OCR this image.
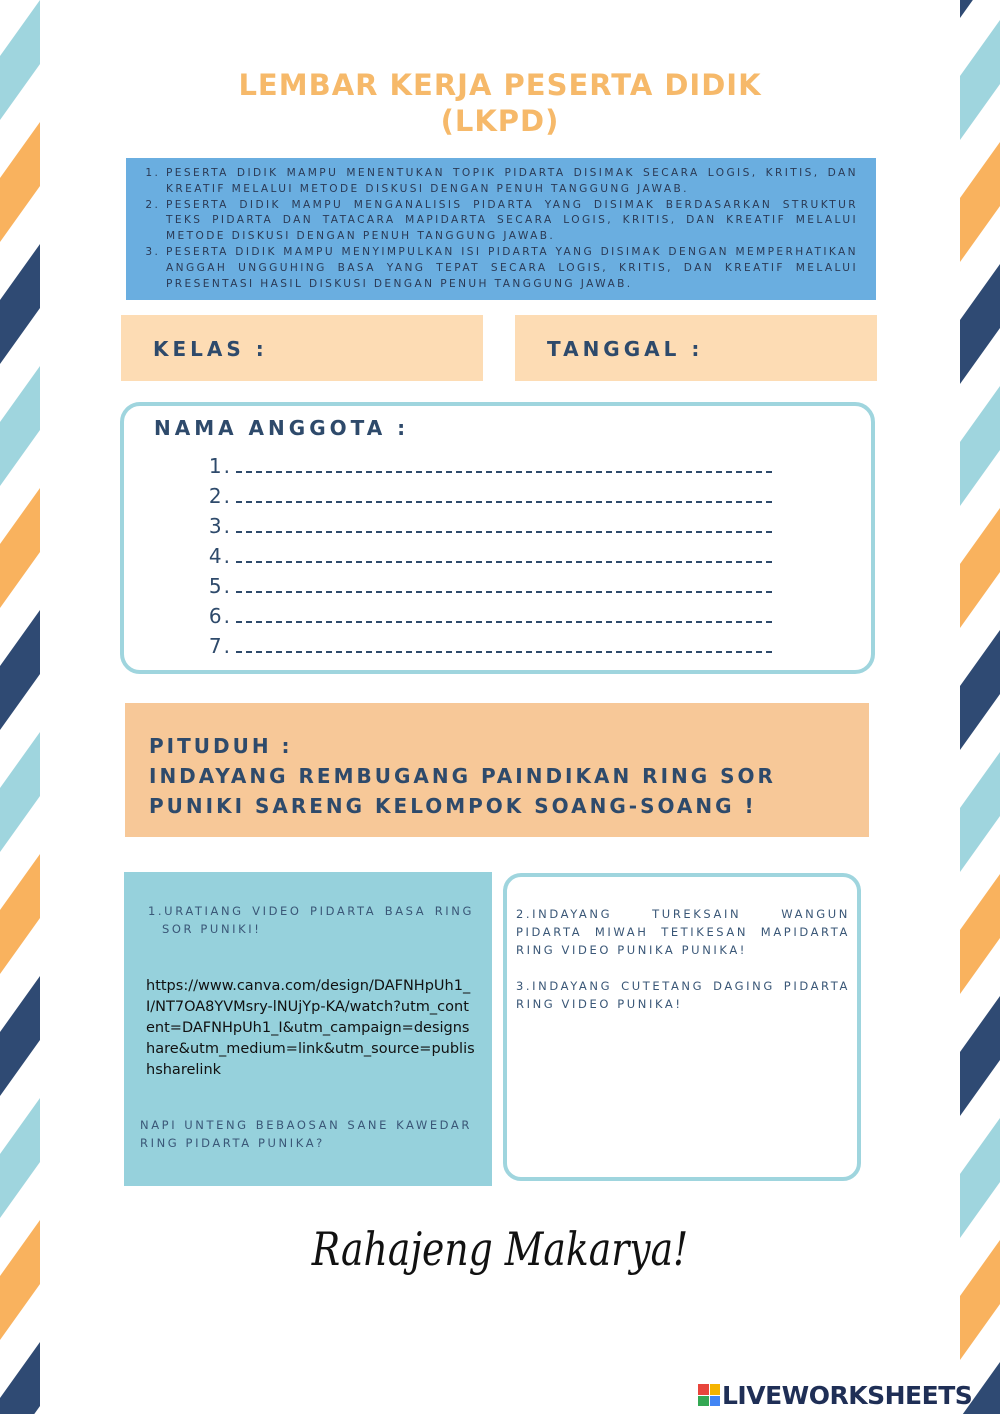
LEMBAR KERJA PESERTA DIDIK
(LKPD)
1. PESERTA DIDIK MAMPU MENENTUKAN TOPIK PIDARTA DISIMAK SECARA LOGIS, KRITIS, DAN KREATIF MELALUI METODE DISKUSI DENGAN PENUH TANGGUNG JAWAB.
2. PESERTA DIDIK MAMPU MENGANALISIS PIDARTA YANG DISIMAK BERDASARKAN STRUKTUR TEKS PIDARTA DAN TATACARA MAPIDARTA SECARA LOGIS, KRITIS, DAN KREATIF MELALUI METODE DISKUSI DENGAN PENUH TANGGUNG JAWAB.
3. PESERTA DIDIK MAMPU MENYIMPULKAN ISI PIDARTA YANG DISIMAK DENGAN MEMPERHATIKAN ANGGAH UNGGUHING BASA YANG TEPAT SECARA LOGIS, KRITIS, DAN KREATIF MELALUI PRESENTASI HASIL DISKUSI DENGAN PENUH TANGGUNG JAWAB.
KELAS :	TANGGAL :
NAMA ANGGOTA :
1.
2.
3.
4.
5.
6.
7.
PITUDUH :
INDAYANG REMBUGANG PAINDIKAN RING SOR
PUNIKI SARENG KELOMPOK SOANG-SOANG !
1.URATIANG VIDEO PIDARTA BASA RING SOR PUNIKI!
https://www.canva.com/design/DAFNHpUh1_I/NT7OA8YVMsry-lNUjYp-KA/watch?utm_content=DAFNHpUh1_I&utm_campaign=designshare&utm_medium=link&utm_source=publishsharelink
NAPI UNTENG BEBAOSAN SANE KAWEDAR RING PIDARTA PUNIKA?
2.INDAYANG TUREKSAIN WANGUN PIDARTA MIWAH TETIKESAN MAPIDARTA RING VIDEO PUNIKA PUNIKA!
3.INDAYANG CUTETANG DAGING PIDARTA RING VIDEO PUNIKA!
Rahajeng Makarya!
LIVEWORKSHEETS
